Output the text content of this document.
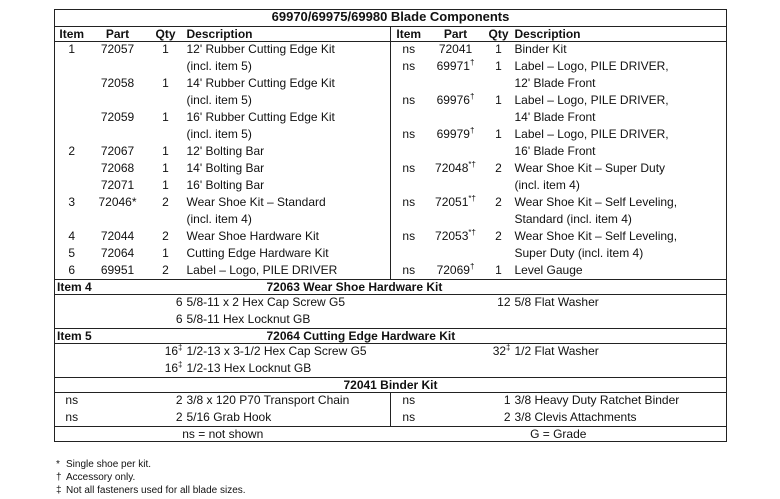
69970/69975/69980 Blade Components							
Item	Part	Qty	Description	Item	Part	Qty	Description
1	72057	1	12' Rubber Cutting Edge Kit	ns	72041	1	Binder Kit
			(incl. item 5)	ns	69971†	1	Label – Logo, PILE DRIVER,
	72058	1	14' Rubber Cutting Edge Kit				12' Blade Front
			(incl. item 5)	ns	69976†	1	Label – Logo, PILE DRIVER,
	72059	1	16' Rubber Cutting Edge Kit				14' Blade Front
			(incl. item 5)	ns	69979†	1	Label – Logo, PILE DRIVER,
2	72067	1	12' Bolting Bar				16' Blade Front
	72068	1	14' Bolting Bar	ns	72048*†	2	Wear Shoe Kit – Super Duty
	72071	1	16' Bolting Bar				(incl. item 4)
3	72046*	2	Wear Shoe Kit – Standard	ns	72051*†	2	Wear Shoe Kit – Self Leveling,
			(incl. item 4)				Standard (incl. item 4)
4	72044	2	Wear Shoe Hardware Kit	ns	72053*†	2	Wear Shoe Kit – Self Leveling,
5	72064	1	Cutting Edge Hardware Kit				Super Duty (incl. item 4)
6	69951	2	Label – Logo, PILE DRIVER	ns	72069†	1	Level Gauge
Item 4		72063 Wear Shoe Hardware Kit					
		6	5/8-11 x 2 Hex Cap Screw G5			12	5/8 Flat Washer
		6	5/8-11 Hex Locknut GB				
Item 5		72064 Cutting Edge Hardware Kit					
		16‡	1/2-13 x 3-1/2 Hex Cap Screw G5			32‡	1/2 Flat Washer
		16‡	1/2-13 Hex Locknut GB				
72041 Binder Kit							
ns		2	3/8 x 120 P70 Transport Chain	ns		1	3/8 Heavy Duty Ratchet Binder
ns		2	5/16 Grab Hook	ns		2	3/8 Clevis Attachments
ns = not shown				G = Grade			
* Single shoe per kit.
† Accessory only.
‡ Not all fasteners used for all blade sizes.
